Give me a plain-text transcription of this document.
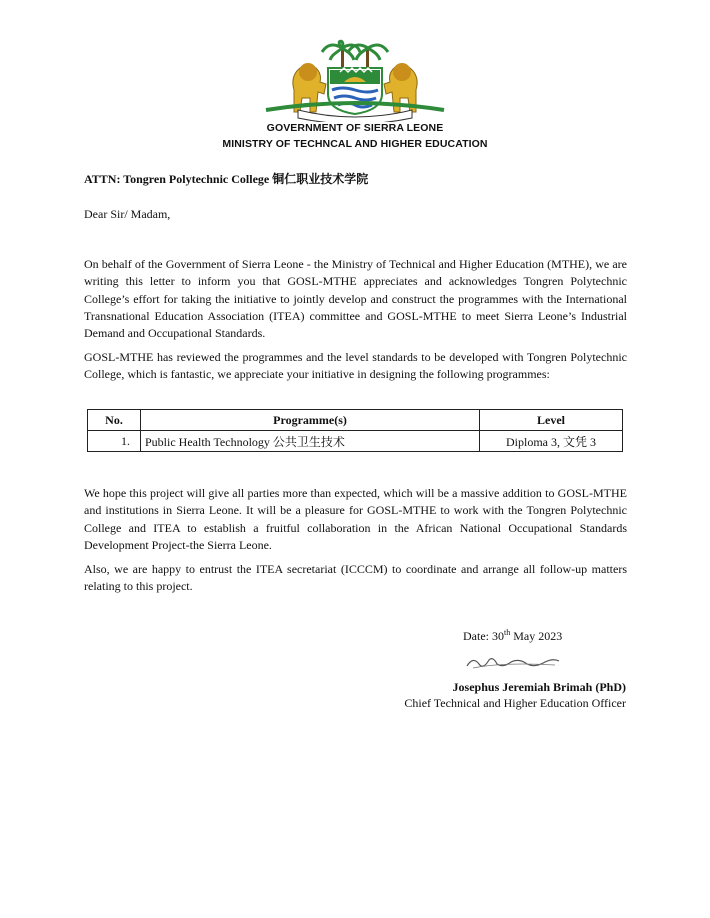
GOVERNMENT OF SIERRA LEONE
MINISTRY OF TECHNCAL AND HIGHER EDUCATION
ATTN: Tongren Polytechnic College 铜仁职业技术学院
Dear Sir/ Madam,
On behalf of the Government of Sierra Leone - the Ministry of Technical and Higher Education (MTHE), we are writing this letter to inform you that GOSL-MTHE appreciates and acknowledges Tongren Polytechnic College’s effort for taking the initiative to jointly develop and construct the programmes with the International Transnational Education Association (ITEA) committee and GOSL-MTHE to meet Sierra Leone’s Industrial Demand and Occupational Standards.
GOSL-MTHE has reviewed the programmes and the level standards to be developed with Tongren Polytechnic College, which is fantastic, we appreciate your initiative in designing the following programmes:
No.	Programme(s)	Level
1.	Public Health Technology 公共卫生技术	Diploma 3, 文凭 3
We hope this project will give all parties more than expected, which will be a massive addition to GOSL-MTHE and institutions in Sierra Leone. It will be a pleasure for GOSL-MTHE to work with the Tongren Polytechnic College and ITEA to establish a fruitful collaboration in the African National Occupational Standards Development Project-the Sierra Leone.
Also, we are happy to entrust the ITEA secretariat (ICCCM) to coordinate and arrange all follow-up matters relating to this project.
Date: 30th May 2023
Josephus Jeremiah Brimah (PhD)
Chief Technical and Higher Education Officer
